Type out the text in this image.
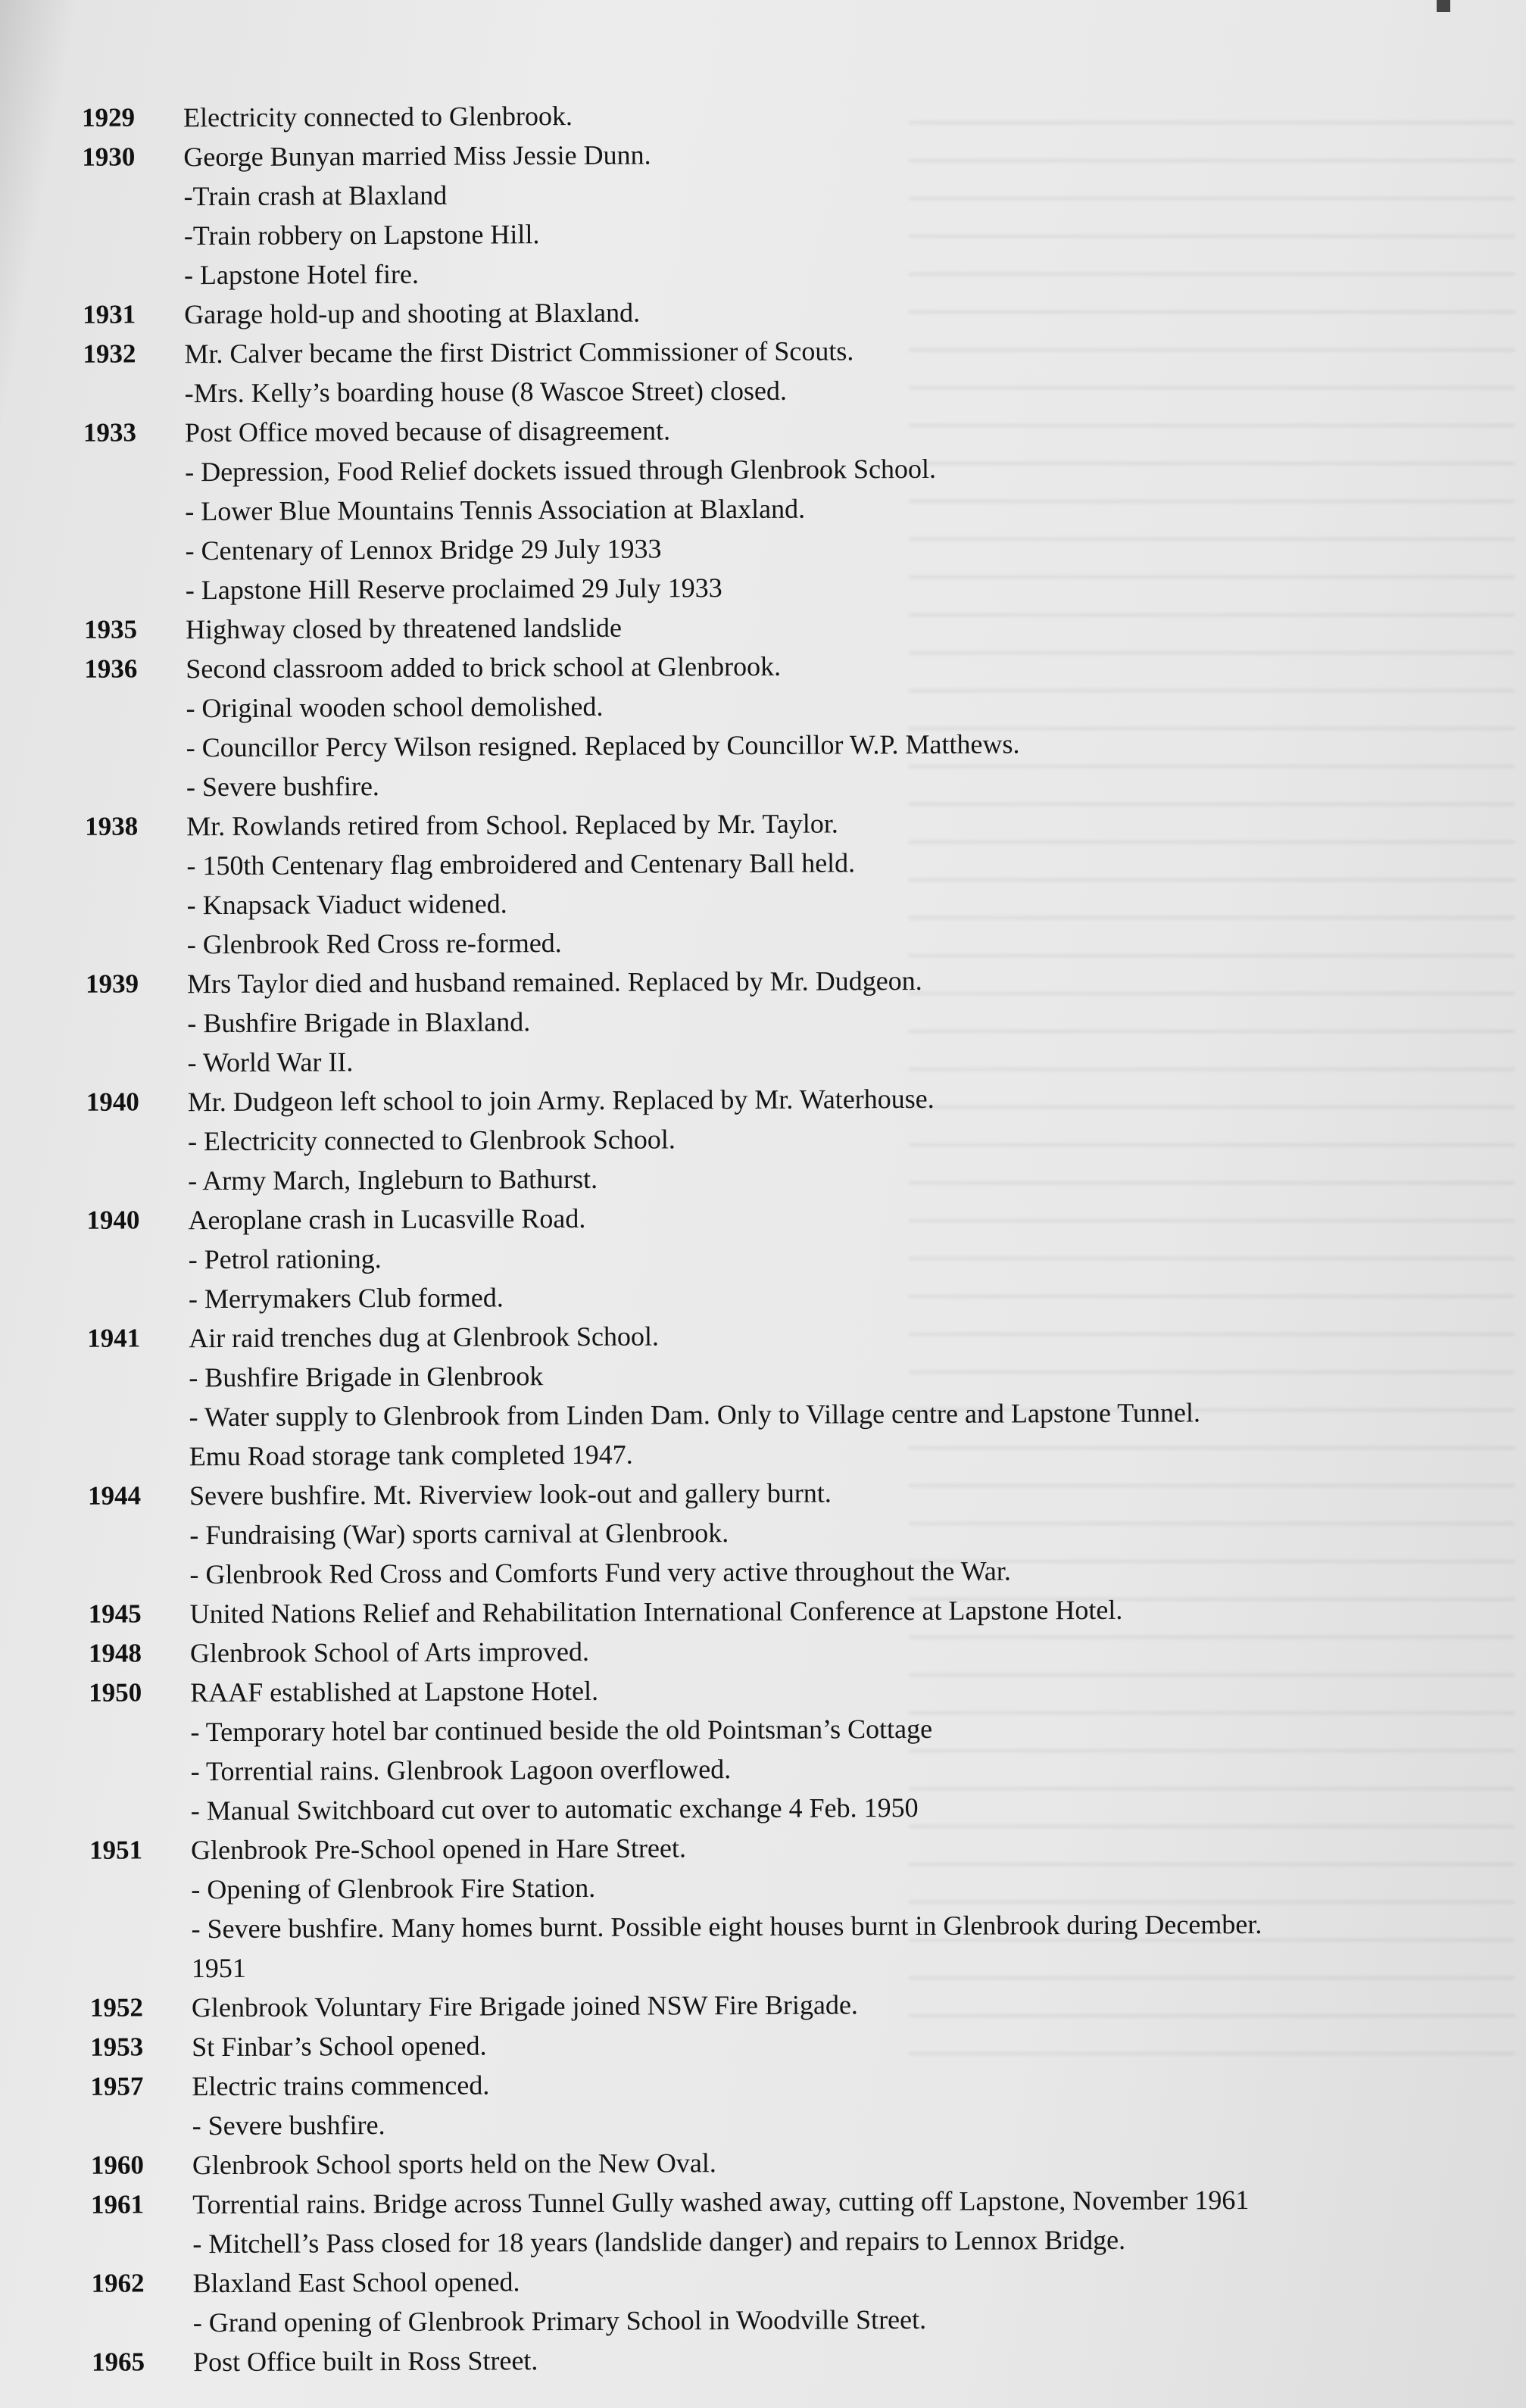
1929	Electricity connected to Glenbrook.
1930	George Bunyan married Miss Jessie Dunn.
-Train crash at Blaxland
-Train robbery on Lapstone Hill.
- Lapstone Hotel fire.
1931	Garage hold-up and shooting at Blaxland.
1932	Mr. Calver became the first District Commissioner of Scouts.
-Mrs. Kelly’s boarding house (8 Wascoe Street) closed.
1933	Post Office moved because of disagreement.
- Depression, Food Relief dockets issued through Glenbrook School.
- Lower Blue Mountains Tennis Association at Blaxland.
- Centenary of Lennox Bridge 29 July 1933
- Lapstone Hill Reserve proclaimed 29 July 1933
1935	Highway closed by threatened landslide
1936	Second classroom added to brick school at Glenbrook.
- Original wooden school demolished.
- Councillor Percy Wilson resigned. Replaced by Councillor W.P. Matthews.
- Severe bushfire.
1938	Mr. Rowlands retired from School. Replaced by Mr. Taylor.
- 150th Centenary flag embroidered and Centenary Ball held.
- Knapsack Viaduct widened.
- Glenbrook Red Cross re-formed.
1939	Mrs Taylor died and husband remained. Replaced by Mr. Dudgeon.
- Bushfire Brigade in Blaxland.
- World War II.
1940	Mr. Dudgeon left school to join Army. Replaced by Mr. Waterhouse.
- Electricity connected to Glenbrook School.
- Army March, Ingleburn to Bathurst.
1940	Aeroplane crash in Lucasville Road.
- Petrol rationing.
- Merrymakers Club formed.
1941	Air raid trenches dug at Glenbrook School.
- Bushfire Brigade in Glenbrook
- Water supply to Glenbrook from Linden Dam. Only to Village centre and Lapstone Tunnel.
Emu Road storage tank completed 1947.
1944	Severe bushfire. Mt. Riverview look-out and gallery burnt.
- Fundraising (War) sports carnival at Glenbrook.
- Glenbrook Red Cross and Comforts Fund very active throughout the War.
1945	United Nations Relief and Rehabilitation International Conference at Lapstone Hotel.
1948	Glenbrook School of Arts improved.
1950	RAAF established at Lapstone Hotel.
- Temporary hotel bar continued beside the old Pointsman’s Cottage
- Torrential rains. Glenbrook Lagoon overflowed.
- Manual Switchboard cut over to automatic exchange 4 Feb. 1950
1951	Glenbrook Pre-School opened in Hare Street.
- Opening of Glenbrook Fire Station.
- Severe bushfire. Many homes burnt. Possible eight houses burnt in Glenbrook during December.
1951
1952	Glenbrook Voluntary Fire Brigade joined NSW Fire Brigade.
1953	St Finbar’s School opened.
1957	Electric trains commenced.
- Severe bushfire.
1960	Glenbrook School sports held on the New Oval.
1961	Torrential rains. Bridge across Tunnel Gully washed away, cutting off Lapstone, November 1961
- Mitchell’s Pass closed for 18 years (landslide danger) and repairs to Lennox Bridge.
1962	Blaxland East School opened.
- Grand opening of Glenbrook Primary School in Woodville Street.
1965	Post Office built in Ross Street.
